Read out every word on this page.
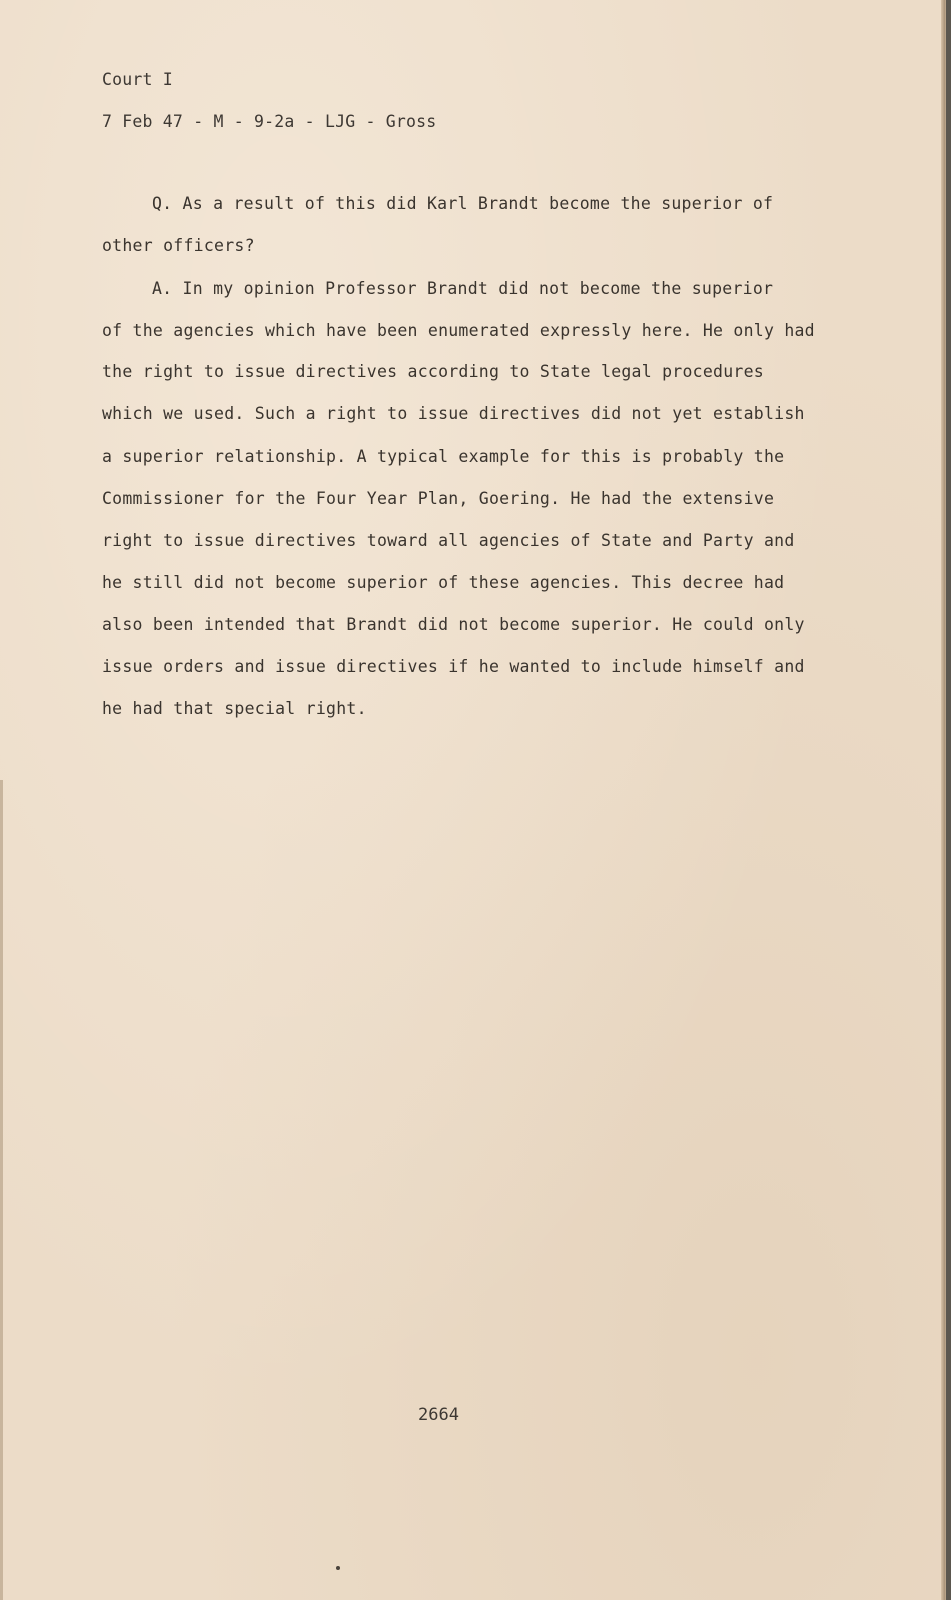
Court I
7 Feb 47 - M - 9-2a - LJG - Gross
Q. As a result of this did Karl Brandt become the superior of
other officers?
A. In my opinion Professor Brandt did not become the superior
of the agencies which have been enumerated expressly here. He only had
the right to issue directives according to State legal procedures
which we used. Such a right to issue directives did not yet establish
a superior relationship. A typical example for this is probably the
Commissioner for the Four Year Plan, Goering. He had the extensive
right to issue directives toward all agencies of State and Party and
he still did not become superior of these agencies. This decree had
also been intended that Brandt did not become superior. He could only
issue orders and issue directives if he wanted to include himself and
he had that special right.
2664
